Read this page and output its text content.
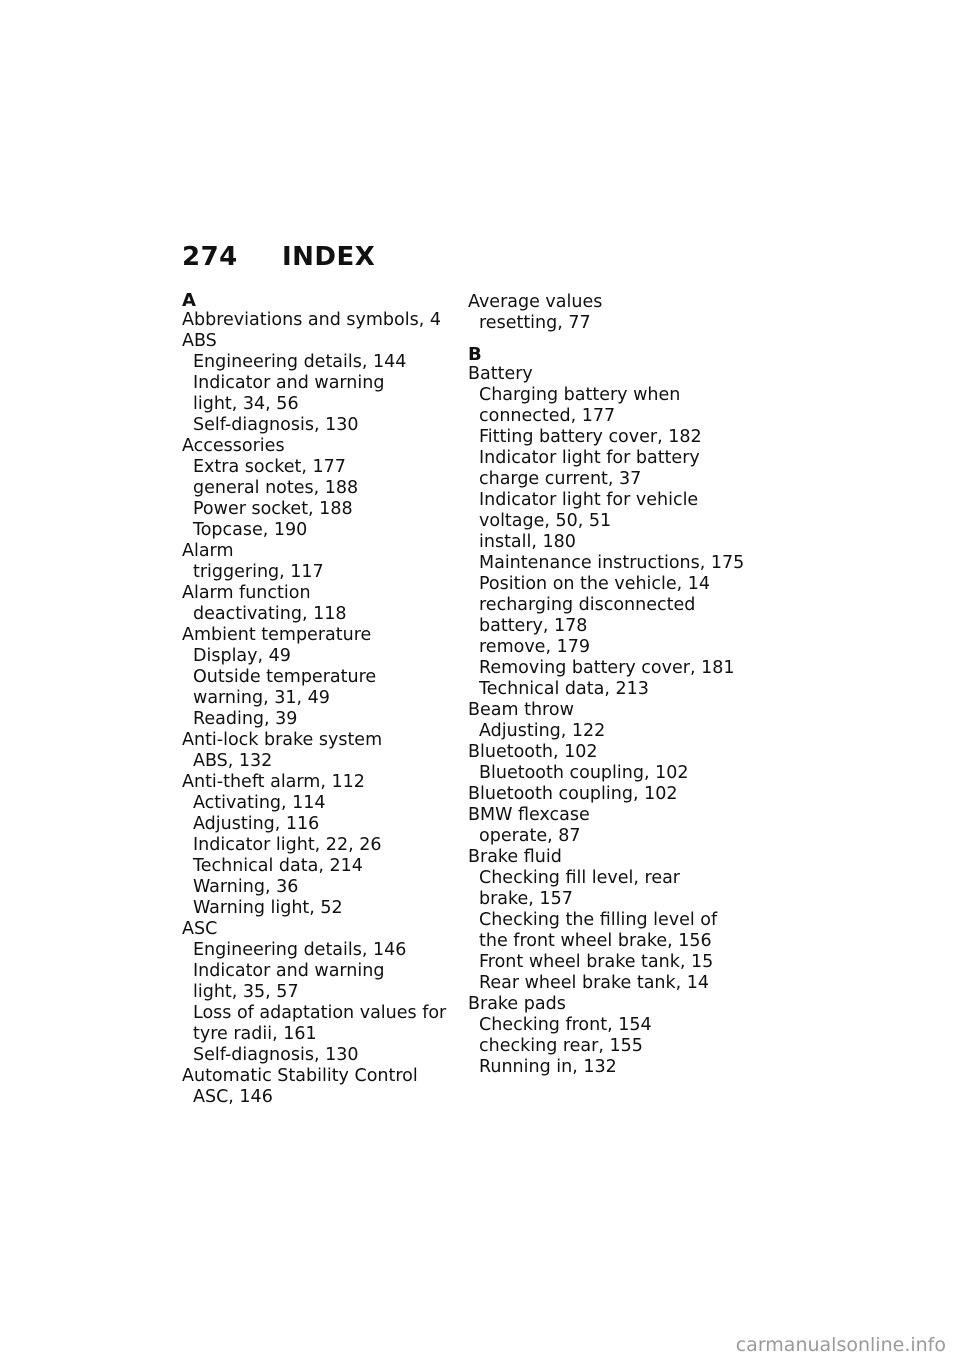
274 INDEX
A
Abbreviations and symbols, 4
ABS
Engineering details, 144
Indicator and warning
light, 34, 56
Self-diagnosis, 130
Accessories
Extra socket, 177
general notes, 188
Power socket, 188
Topcase, 190
Alarm
triggering, 117
Alarm function
deactivating, 118
Ambient temperature
Display, 49
Outside temperature
warning, 31, 49
Reading, 39
Anti-lock brake system
ABS, 132
Anti-theft alarm, 112
Activating, 114
Adjusting, 116
Indicator light, 22, 26
Technical data, 214
Warning, 36
Warning light, 52
ASC
Engineering details, 146
Indicator and warning
light, 35, 57
Loss of adaptation values for
tyre radii, 161
Self-diagnosis, 130
Automatic Stability Control
ASC, 146
Average values
resetting, 77
B
Battery
Charging battery when
connected, 177
Fitting battery cover, 182
Indicator light for battery
charge current, 37
Indicator light for vehicle
voltage, 50, 51
install, 180
Maintenance instructions, 175
Position on the vehicle, 14
recharging disconnected
battery, 178
remove, 179
Removing battery cover, 181
Technical data, 213
Beam throw
Adjusting, 122
Bluetooth, 102
Bluetooth coupling, 102
Bluetooth coupling, 102
BMW flexcase
operate, 87
Brake fluid
Checking fill level, rear
brake, 157
Checking the filling level of
the front wheel brake, 156
Front wheel brake tank, 15
Rear wheel brake tank, 14
Brake pads
Checking front, 154
checking rear, 155
Running in, 132
carmanualsonline.info
